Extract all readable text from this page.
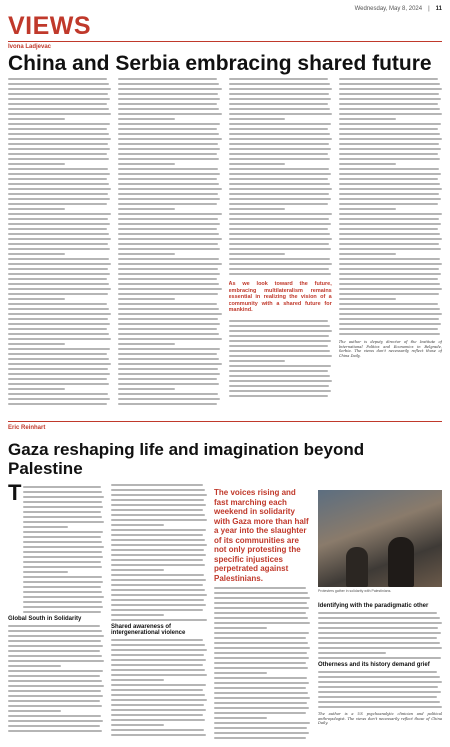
Wednesday, May 8, 2024 | 11
VIEWS
Ivona Ladjevac
China and Serbia embracing shared future
As we look toward the future, embracing multilateralism remains essential in realizing the vision of a community with a shared future for mankind.
The author is deputy director of the Institute of International Politics and Economics in Belgrade, Serbia. The views don't necessarily reflect those of China Daily.
Eric Reinhart
Gaza reshaping life and imagination beyond Palestine
T
Global South in Solidarity
Shared awareness of intergenerational violence
The voices rising and fast marching each weekend in solidarity with Gaza more than half a year into the slaughter of its communities are not only protesting the specific injustices perpetrated against Palestinians.
Protesters gather in solidarity with Palestinians.
Identifying with the paradigmatic other
Otherness and its history demand grief
The author is a US psychoanalytic clinician and political anthropologist. The views don't necessarily reflect those of China Daily.
